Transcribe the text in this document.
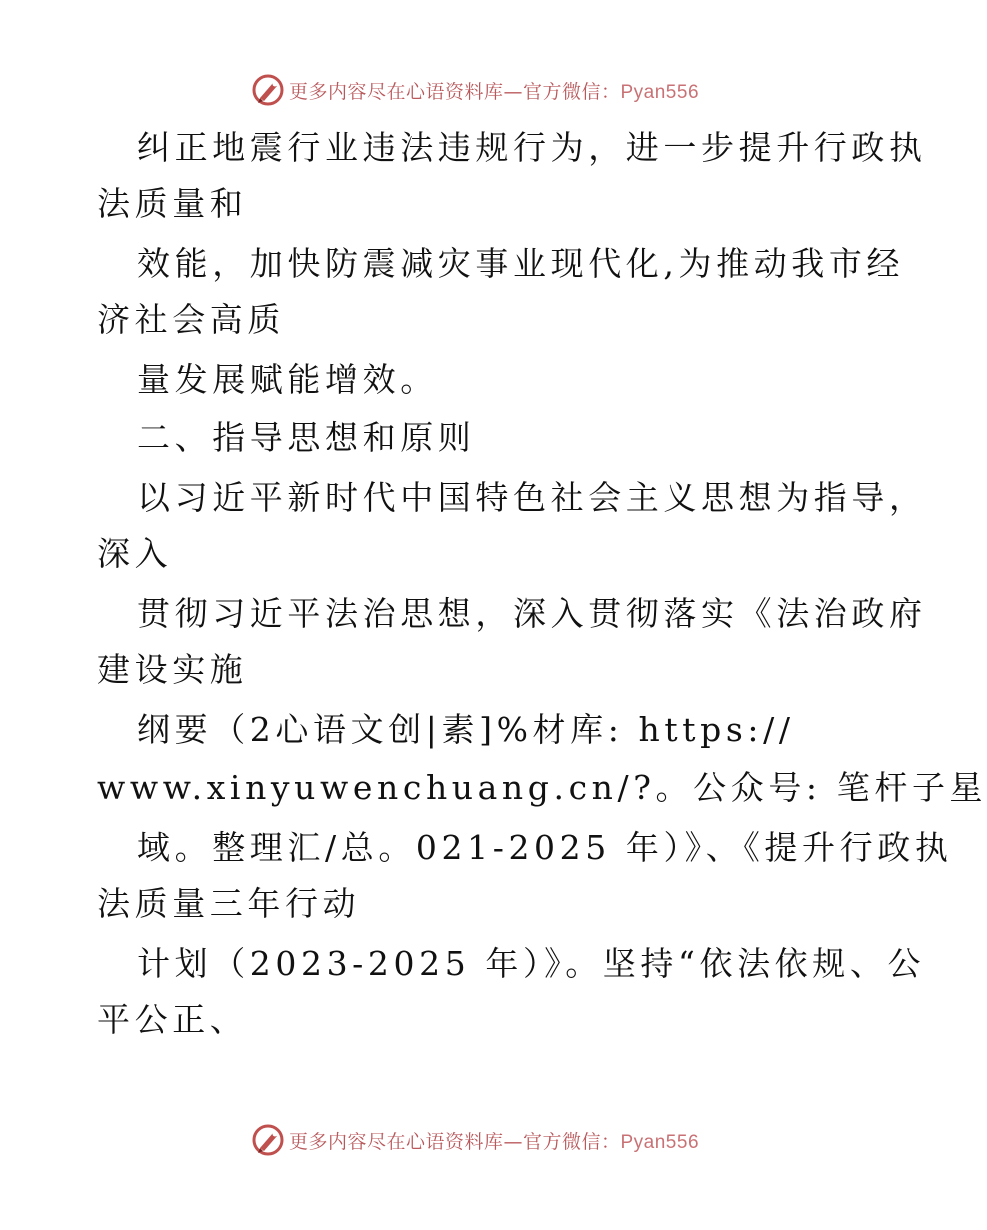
更多内容尽在心语资料库—官方微信：Pyan556
纠正地震行业违法违规行为，进一步提升行政执
法质量和
效能，加快防震减灾事业现代化,为推动我市经
济社会高质
量发展赋能增效。
二、指导思想和原则
以习近平新时代中国特色社会主义思想为指导，
深入
贯彻习近平法治思想，深入贯彻落实《法治政府
建设实施
纲要（2心语文创|素]%材库: https://
www.xinyuwenchuang.cn/?。公众号: 笔杆子星
域。整理汇/总。021-2025 年）》、《提升行政执
法质量三年行动
计划（2023-2025 年）》。坚持“依法依规、公
平公正、
更多内容尽在心语资料库—官方微信：Pyan556
